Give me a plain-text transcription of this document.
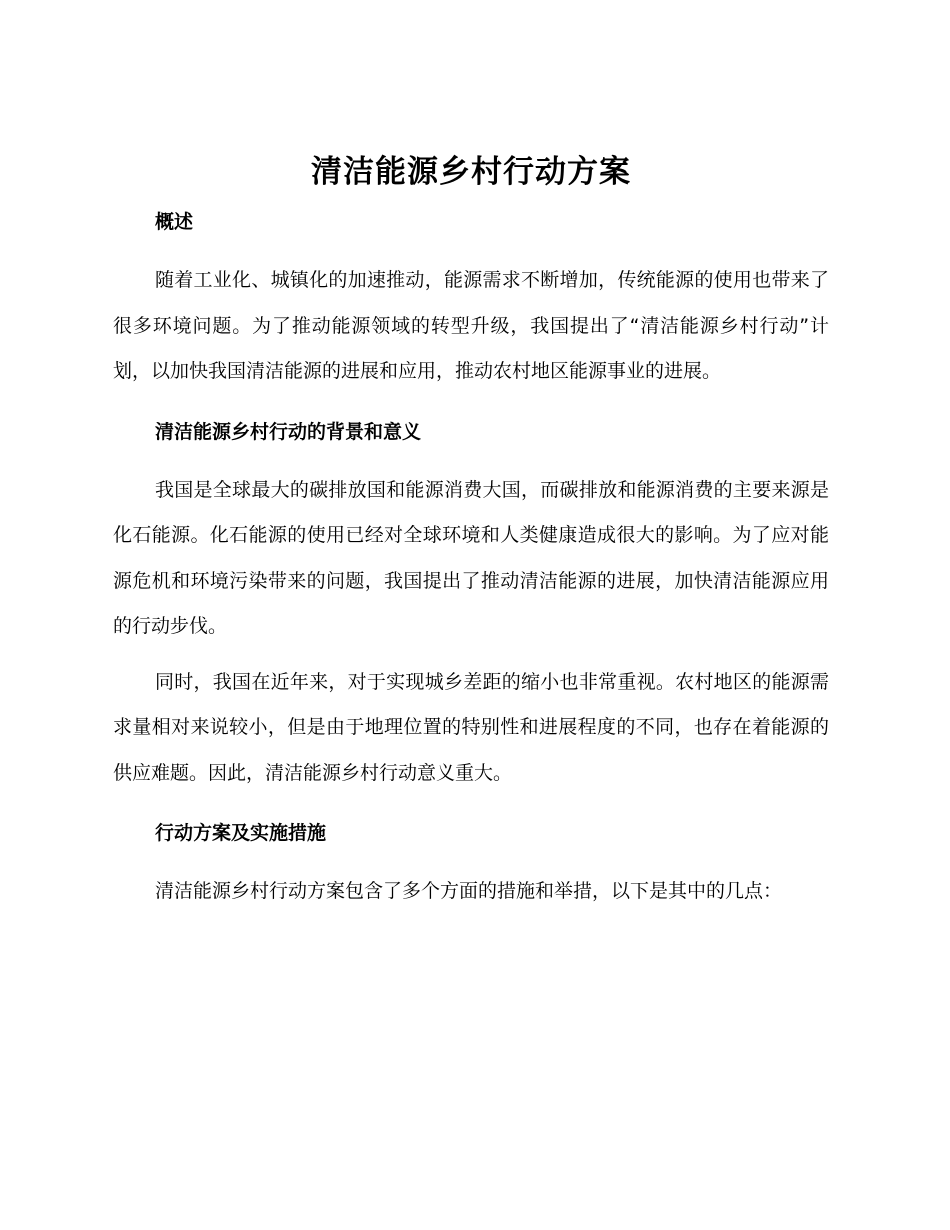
清洁能源乡村行动方案
概述

随着工业化、城镇化的加速推动，能源需求不断增加，传统能源的使用也带来了很多环境问题。为了推动能源领域的转型升级，我国提出了“清洁能源乡村行动”计划，以加快我国清洁能源的进展和应用，推动农村地区能源事业的进展。

清洁能源乡村行动的背景和意义

我国是全球最大的碳排放国和能源消费大国，而碳排放和能源消费的主要来源是化石能源。化石能源的使用已经对全球环境和人类健康造成很大的影响。为了应对能源危机和环境污染带来的问题，我国提出了推动清洁能源的进展，加快清洁能源应用的行动步伐。

同时，我国在近年来，对于实现城乡差距的缩小也非常重视。农村地区的能源需求量相对来说较小，但是由于地理位置的特别性和进展程度的不同，也存在着能源的供应难题。因此，清洁能源乡村行动意义重大。

行动方案及实施措施

清洁能源乡村行动方案包含了多个方面的措施和举措，以下是其中的几点：
